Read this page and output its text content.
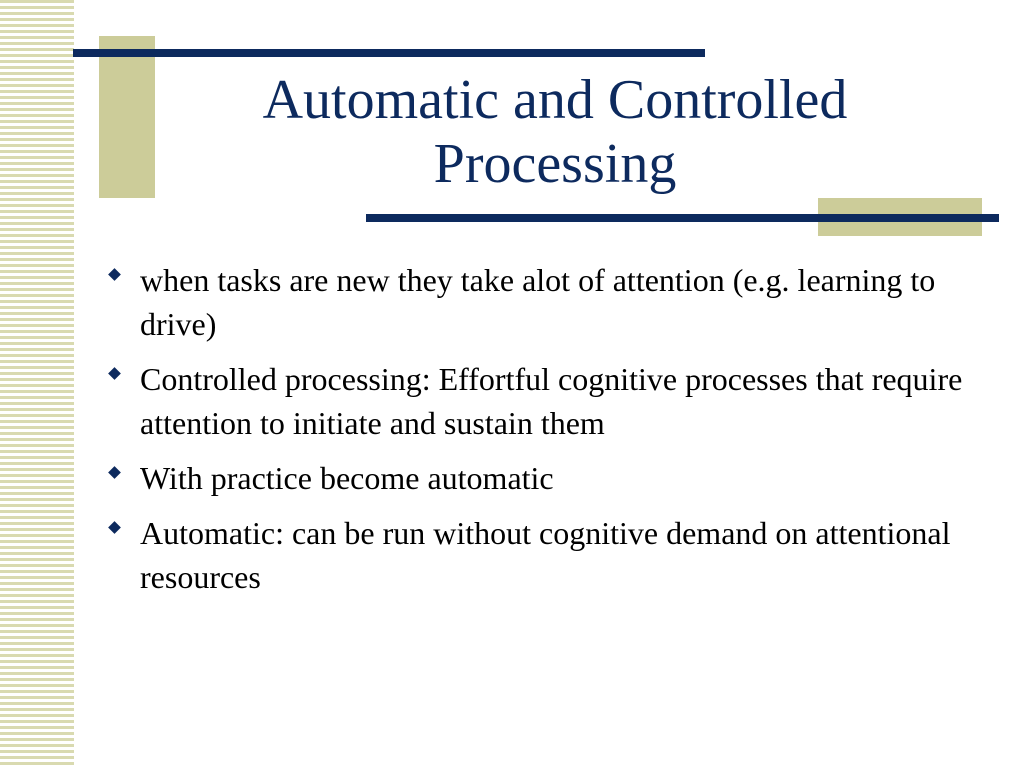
Automatic and Controlled
Processing
when tasks are new they take alot of attention (e.g. learning to drive)
Controlled processing: Effortful cognitive processes that require attention to initiate and sustain them
With practice become automatic
Automatic: can be run without cognitive demand on attentional resources
